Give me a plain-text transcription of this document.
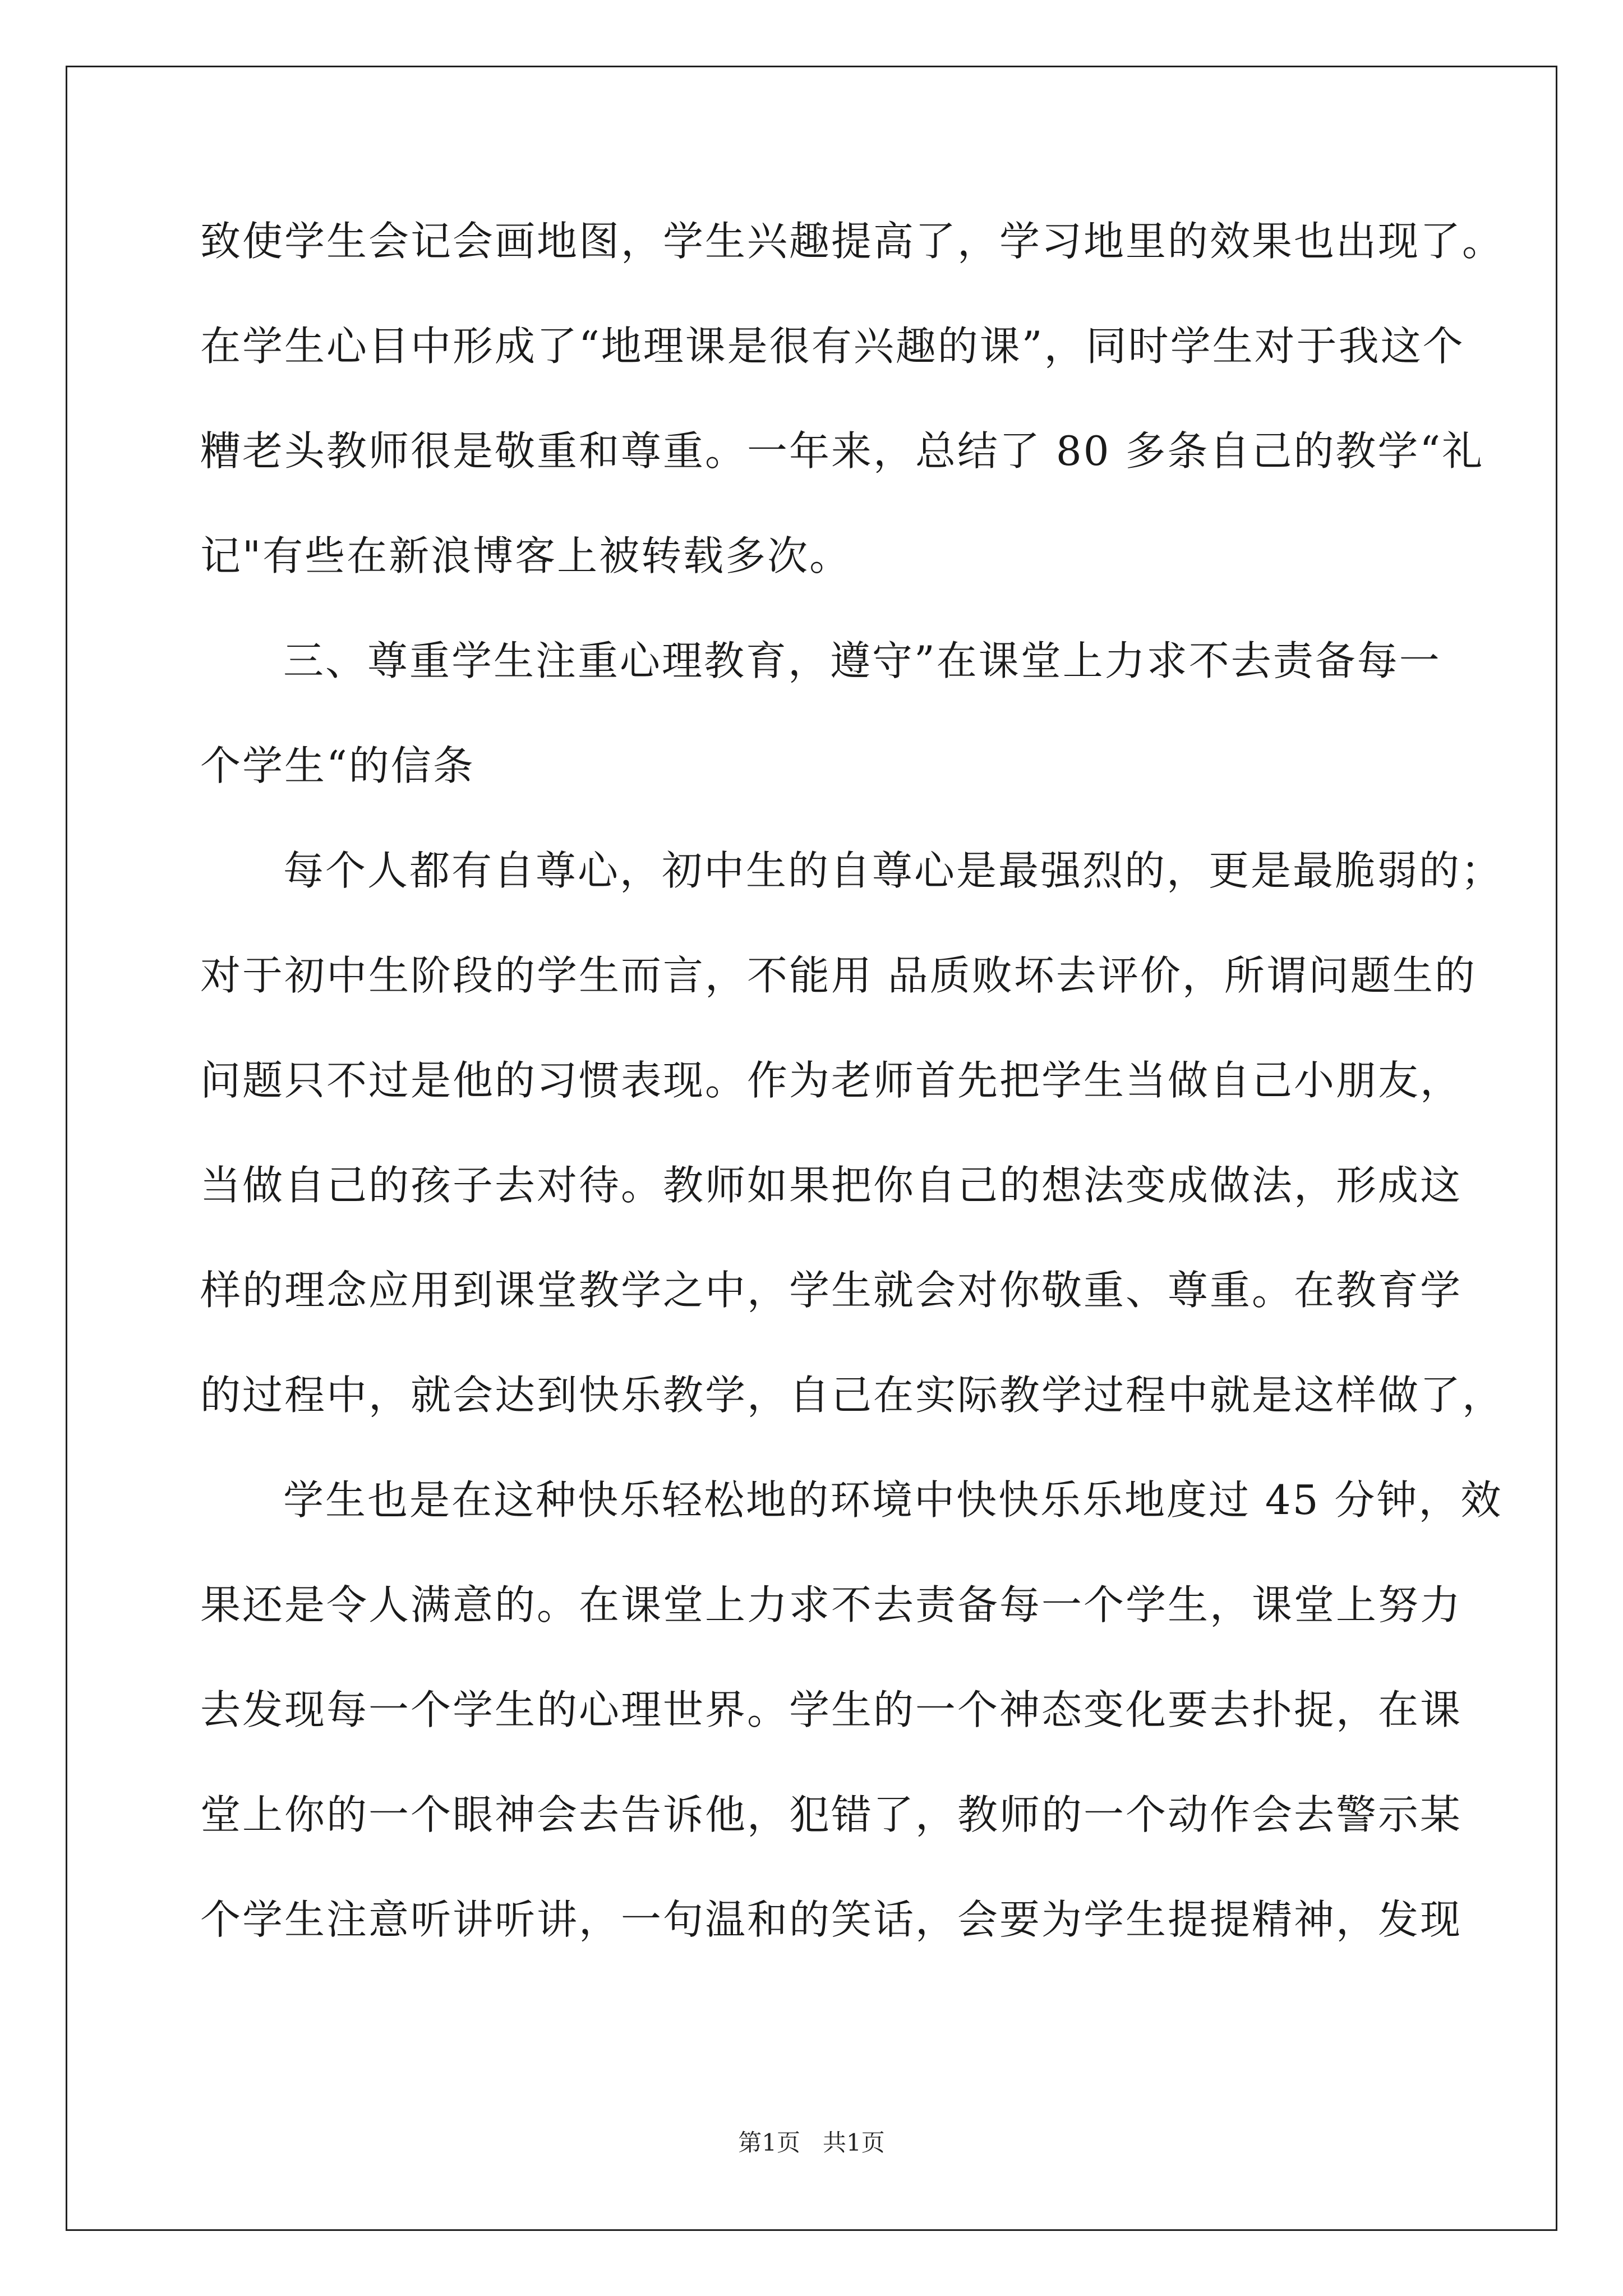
致使学生会记会画地图，学生兴趣提高了，学习地里的效果也出现了。
在学生心目中形成了“地理课是很有兴趣的课”，同时学生对于我这个
糟老头教师很是敬重和尊重。一年来，总结了 80 多条自己的教学“礼
记"有些在新浪博客上被转载多次。
三、尊重学生注重心理教育，遵守”在课堂上力求不去责备每一
个学生“的信条
每个人都有自尊心，初中生的自尊心是最强烈的，更是最脆弱的；
对于初中生阶段的学生而言，不能用 品质败坏去评价，所谓问题生的
问题只不过是他的习惯表现。作为老师首先把学生当做自己小朋友，
当做自己的孩子去对待。教师如果把你自己的想法变成做法，形成这
样的理念应用到课堂教学之中，学生就会对你敬重、尊重。在教育学
的过程中，就会达到快乐教学，自己在实际教学过程中就是这样做了，
学生也是在这种快乐轻松地的环境中快快乐乐地度过 45 分钟，效
果还是令人满意的。在课堂上力求不去责备每一个学生，课堂上努力
去发现每一个学生的心理世界。学生的一个神态变化要去扑捉，在课
堂上你的一个眼神会去告诉他，犯错了，教师的一个动作会去警示某
个学生注意听讲听讲，一句温和的笑话，会要为学生提提精神，发现
第1页 共1页
